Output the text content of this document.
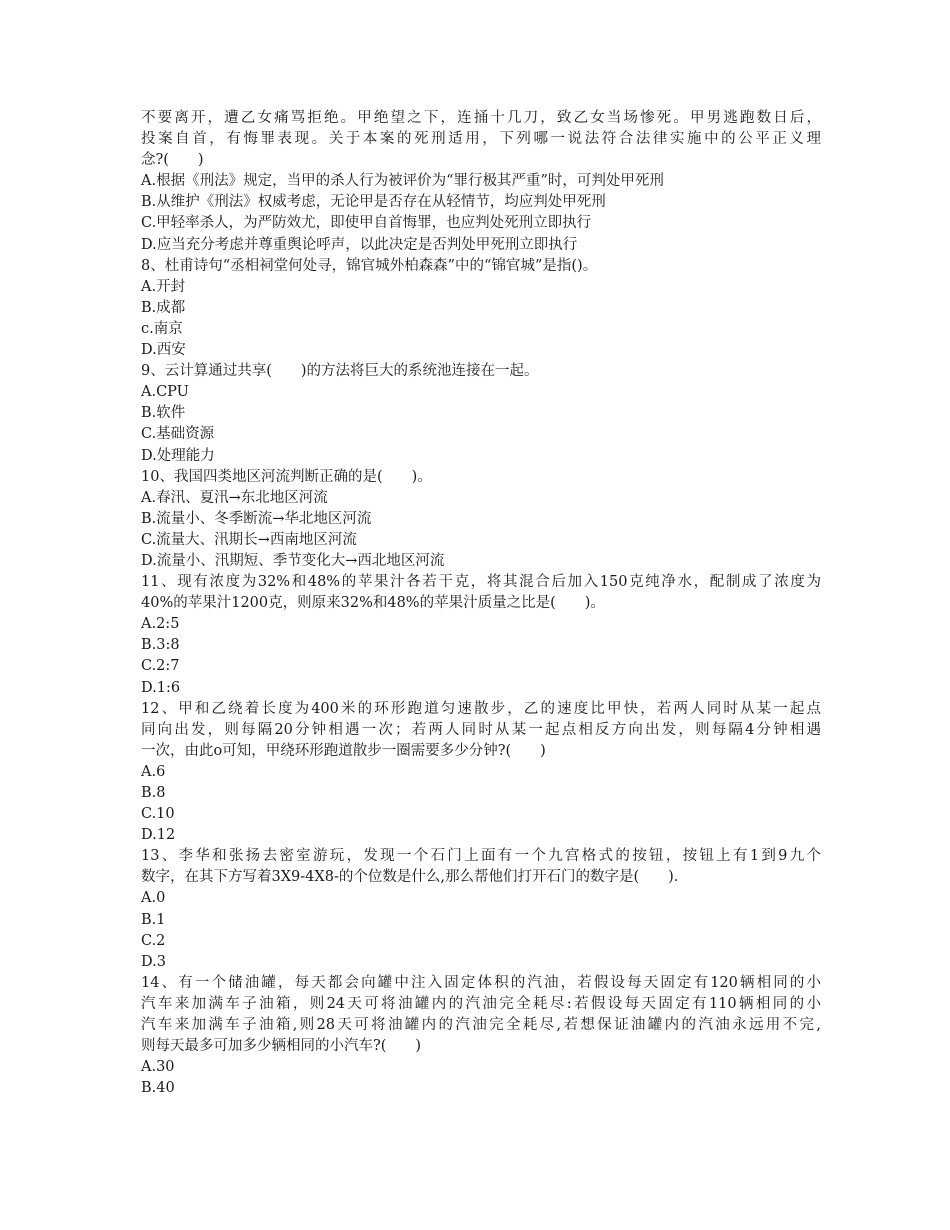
不要离开，遭乙女痛骂拒绝。甲绝望之下，连捅十几刀，致乙女当场惨死。甲男逃跑数日后，
投案自首，有悔罪表现。关于本案的死刑适用，下列哪一说法符合法律实施中的公平正义理
念?(　　)
A.根据《刑法》规定，当甲的杀人行为被评价为“罪行极其严重”时，可判处甲死刑
B.从维护《刑法》权威考虑，无论甲是否存在从轻情节，均应判处甲死刑
C.甲轻率杀人，为严防效尤，即使甲自首悔罪，也应判处死刑立即执行
D.应当充分考虑并尊重舆论呼声，以此决定是否判处甲死刑立即执行
8、杜甫诗句“丞相祠堂何处寻，锦官城外柏森森”中的“锦官城”是指()。
A.开封
B.成都
c.南京
D.西安
9、云计算通过共享(　　)的方法将巨大的系统池连接在一起。
A.CPU
B.软件
C.基础资源
D.处理能力
10、我国四类地区河流判断正确的是(　　)。
A.春汛、夏汛→东北地区河流
B.流量小、冬季断流→华北地区河流
C.流量大、汛期长→西南地区河流
D.流量小、汛期短、季节变化大→西北地区河流
11、现有浓度为32%和48%的苹果汁各若干克，将其混合后加入150克纯净水，配制成了浓度为
40%的苹果汁1200克，则原来32%和48%的苹果汁质量之比是(　　)。
A.2:5
B.3:8
C.2:7
D.1:6
12、甲和乙绕着长度为400米的环形跑道匀速散步，乙的速度比甲快，若两人同时从某一起点
同向出发，则每隔20分钟相遇一次；若两人同时从某一起点相反方向出发，则每隔4分钟相遇
一次，由此o可知，甲绕环形跑道散步一圈需要多少分钟?(　　)
A.6
B.8
C.10
D.12
13、李华和张扬去密室游玩，发现一个石门上面有一个九宫格式的按钮，按钮上有1到9九个
数字，在其下方写着3X9-4X8-的个位数是什么,那么帮他们打开石门的数字是(　　).
A.0
B.1
C.2
D.3
14、有一个储油罐，每天都会向罐中注入固定体积的汽油，若假设每天固定有120辆相同的小
汽车来加满车子油箱，则24天可将油罐内的汽油完全耗尽:若假设每天固定有110辆相同的小
汽车来加满车子油箱,则28天可将油罐内的汽油完全耗尽,若想保证油罐内的汽油永远用不完,
则每天最多可加多少辆相同的小汽车?(　　)
A.30
B.40
